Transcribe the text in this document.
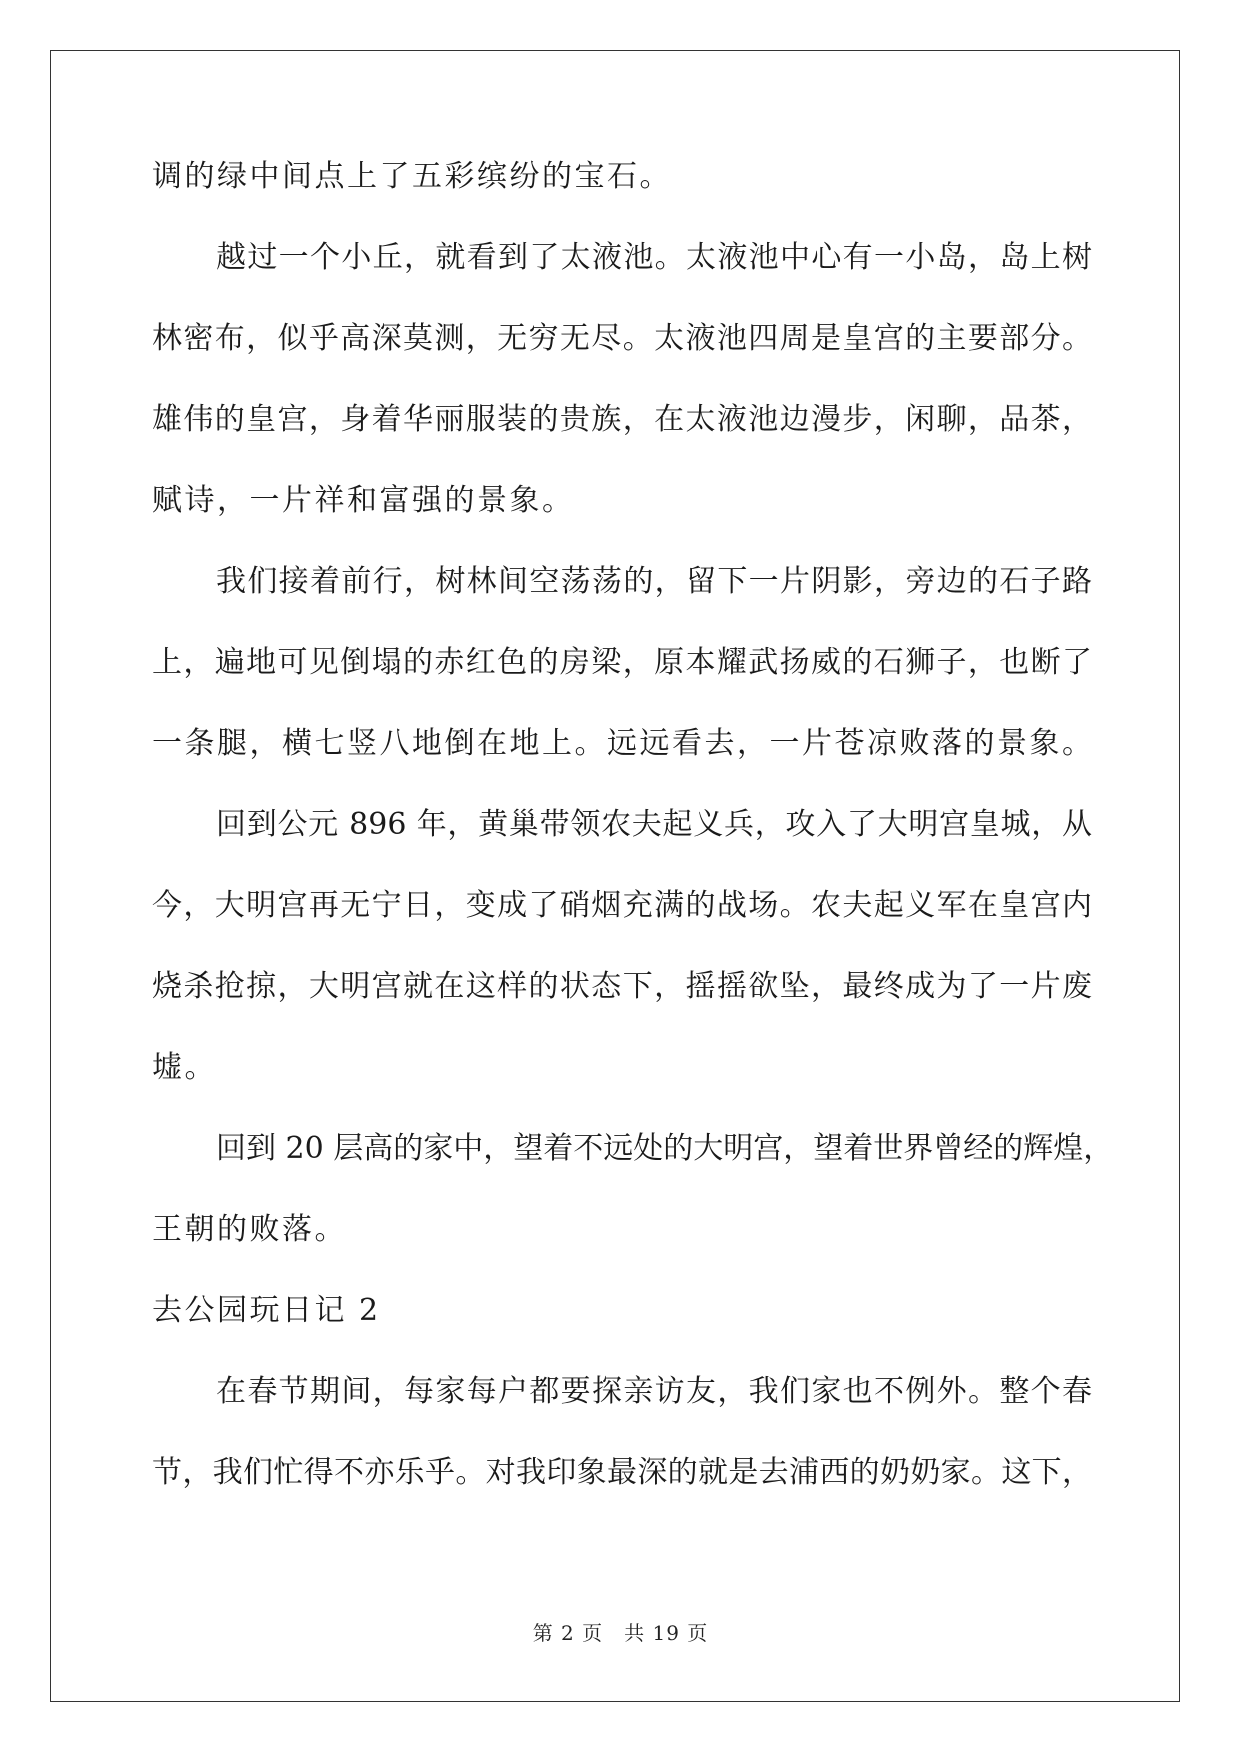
调的绿中间点上了五彩缤纷的宝石。
越过一个小丘，就看到了太液池。太液池中心有一小岛，岛上树
林密布，似乎高深莫测，无穷无尽。太液池四周是皇宫的主要部分。
雄伟的皇宫，身着华丽服装的贵族，在太液池边漫步，闲聊，品茶，
赋诗，一片祥和富强的景象。
我们接着前行，树林间空荡荡的，留下一片阴影，旁边的石子路
上，遍地可见倒塌的赤红色的房梁，原本耀武扬威的石狮子，也断了
一条腿，横七竖八地倒在地上。远远看去，一片苍凉败落的景象。
回到公元 896 年，黄巢带领农夫起义兵，攻入了大明宫皇城，从
今，大明宫再无宁日，变成了硝烟充满的战场。农夫起义军在皇宫内
烧杀抢掠，大明宫就在这样的状态下，摇摇欲坠，最终成为了一片废
墟。
回到 20 层高的家中，望着不远处的大明宫，望着世界曾经的辉煌，
王朝的败落。
去公园玩日记 2
在春节期间，每家每户都要探亲访友，我们家也不例外。整个春
节，我们忙得不亦乐乎。对我印象最深的就是去浦西的奶奶家。这下，
第 2 页　共 19 页
